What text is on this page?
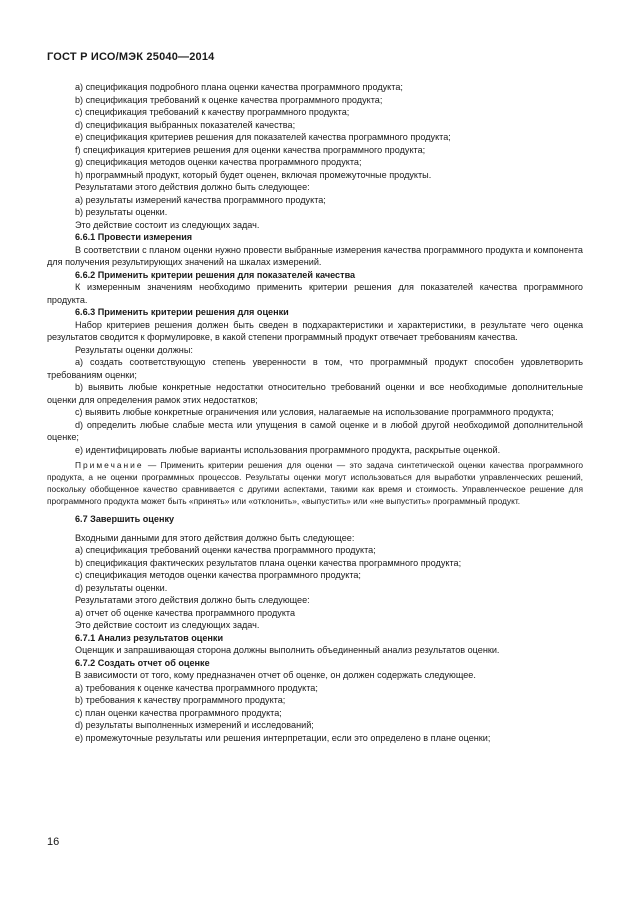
ГОСТ Р ИСО/МЭК 25040—2014

a) спецификация подробного плана оценки качества программного продукта;

b) спецификация требований к оценке качества программного продукта;

c) спецификация требований к качеству программного продукта;

d) спецификация выбранных показателей качества;

e) спецификация критериев решения для показателей качества программного продукта;

f) спецификация критериев решения для оценки качества программного продукта;

g) спецификация методов оценки качества программного продукта;

h) программный продукт, который будет оценен, включая промежуточные продукты.

Результатами этого действия должно быть следующее:

a) результаты измерений качества программного продукта;

b) результаты оценки.

Это действие состоит из следующих задач.

6.6.1 Провести измерения

В соответствии с планом оценки нужно провести выбранные измерения качества программного продукта и компонента для получения результирующих значений на шкалах измерений.

6.6.2 Применить критерии решения для показателей качества

К измеренным значениям необходимо применить критерии решения для показателей качества программного продукта.

6.6.3 Применить критерии решения для оценки

Набор критериев решения должен быть сведен в подхарактеристики и характеристики, в результате чего оценка результатов сводится к формулировке, в какой степени программный продукт отвечает требованиям качества.

Результаты оценки должны:

a) создать соответствующую степень уверенности в том, что программный продукт способен удовлетворить требованиям оценки;

b) выявить любые конкретные недостатки относительно требований оценки и все необходимые дополнительные оценки для определения рамок этих недостатков;

c) выявить любые конкретные ограничения или условия, налагаемые на использование программного продукта;

d) определить любые слабые места или упущения в самой оценке и в любой другой необходимой дополнительной оценке;

e) идентифицировать любые варианты использования программного продукта, раскрытые оценкой.

Примечание — Применить критерии решения для оценки — это задача синтетической оценки качества программного продукта, а не оценки программных процессов. Результаты оценки могут использоваться для выработки управленческих решений, поскольку обобщенное качество сравнивается с другими аспектами, такими как время и стоимость. Управленческое решение для программного продукта может быть «принять» или «отклонить», «выпустить» или «не выпустить» программный продукт.

6.7 Завершить оценку

Входными данными для этого действия должно быть следующее:

a) спецификация требований оценки качества программного продукта;

b) спецификация фактических результатов плана оценки качества программного продукта;

c) спецификация методов оценки качества программного продукта;

d) результаты оценки.

Результатами этого действия должно быть следующее:

a) отчет об оценке качества программного продукта

Это действие состоит из следующих задач.

6.7.1 Анализ результатов оценки

Оценщик и запрашивающая сторона должны выполнить объединенный анализ результатов оценки.

6.7.2 Создать отчет об оценке

В зависимости от того, кому предназначен отчет об оценке, он должен содержать следующее.

a) требования к оценке качества программного продукта;

b) требования к качеству программного продукта;

c) план оценки качества программного продукта;

d) результаты выполненных измерений и исследований;

e) промежуточные результаты или решения интерпретации, если это определено в плане оценки;

16
